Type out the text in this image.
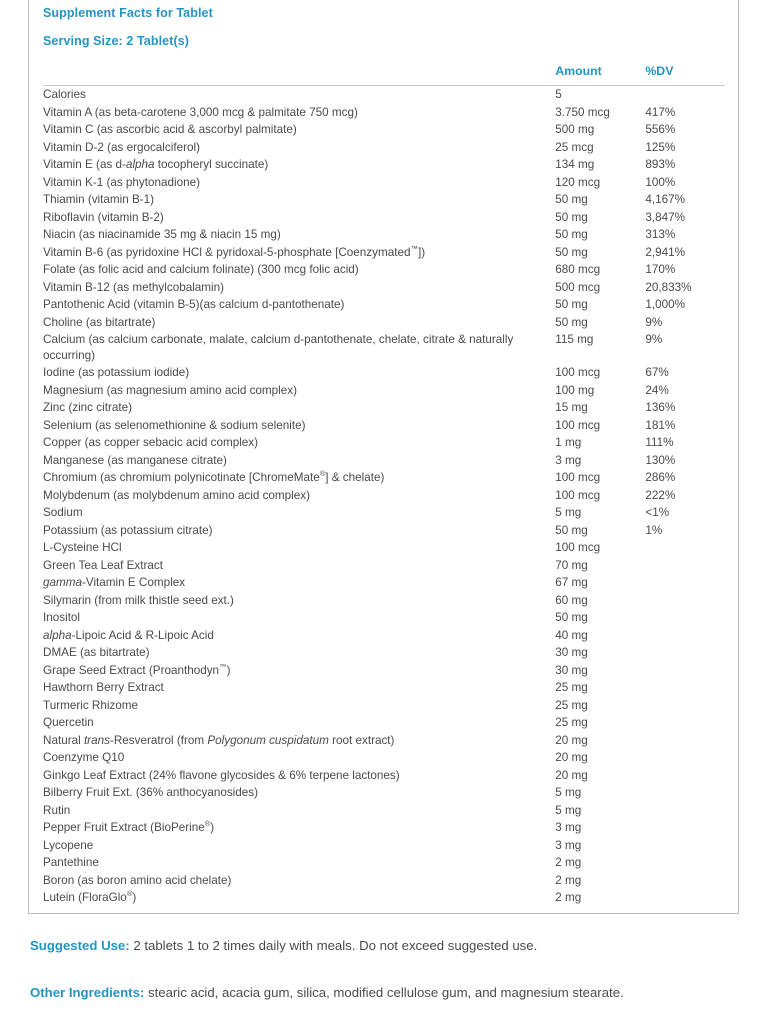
Supplement Facts for Tablet
Serving Size: 2 Tablet(s)
	Amount	%DV
Calories	5	
Vitamin A (as beta-carotene 3,000 mcg & palmitate 750 mcg)	3.750 mcg	417%
Vitamin C (as ascorbic acid & ascorbyl palmitate)	500 mg	556%
Vitamin D-2 (as ergocalciferol)	25 mcg	125%
Vitamin E (as d-alpha tocopheryl succinate)	134 mg	893%
Vitamin K-1 (as phytonadione)	120 mcg	100%
Thiamin (vitamin B-1)	50 mg	4,167%
Riboflavin (vitamin B-2)	50 mg	3,847%
Niacin (as niacinamide 35 mg & niacin 15 mg)	50 mg	313%
Vitamin B-6 (as pyridoxine HCl & pyridoxal-5-phosphate [Coenzymated™])	50 mg	2,941%
Folate (as folic acid and calcium folinate) (300 mcg folic acid)	680 mcg	170%
Vitamin B-12 (as methylcobalamin)	500 mcg	20,833%
Pantothenic Acid (vitamin B-5)(as calcium d-pantothenate)	50 mg	1,000%
Choline (as bitartrate)	50 mg	9%
Calcium (as calcium carbonate, malate, calcium d-pantothenate, chelate, citrate & naturally occurring)	115 mg	9%
Iodine (as potassium iodide)	100 mcg	67%
Magnesium (as magnesium amino acid complex)	100 mg	24%
Zinc (zinc citrate)	15 mg	136%
Selenium (as selenomethionine & sodium selenite)	100 mcg	181%
Copper (as copper sebacic acid complex)	1 mg	111%
Manganese (as manganese citrate)	3 mg	130%
Chromium (as chromium polynicotinate [ChromeMate®] & chelate)	100 mcg	286%
Molybdenum (as molybdenum amino acid complex)	100 mcg	222%
Sodium	5 mg	<1%
Potassium (as potassium citrate)	50 mg	1%
L-Cysteine HCl	100 mcg	
Green Tea Leaf Extract	70 mg	
gamma-Vitamin E Complex	67 mg	
Silymarin (from milk thistle seed ext.)	60 mg	
Inositol	50 mg	
alpha-Lipoic Acid & R-Lipoic Acid	40 mg	
DMAE (as bitartrate)	30 mg	
Grape Seed Extract (Proanthodyn™)	30 mg	
Hawthorn Berry Extract	25 mg	
Turmeric Rhizome	25 mg	
Quercetin	25 mg	
Natural trans-Resveratrol (from Polygonum cuspidatum root extract)	20 mg	
Coenzyme Q10	20 mg	
Ginkgo Leaf Extract (24% flavone glycosides & 6% terpene lactones)	20 mg	
Bilberry Fruit Ext. (36% anthocyanosides)	5 mg	
Rutin	5 mg	
Pepper Fruit Extract (BioPerine®)	3 mg	
Lycopene	3 mg	
Pantethine	2 mg	
Boron (as boron amino acid chelate)	2 mg	
Lutein (FloraGlo®)	2 mg	
Suggested Use: 2 tablets 1 to 2 times daily with meals. Do not exceed suggested use.
Other Ingredients: stearic acid, acacia gum, silica, modified cellulose gum, and magnesium stearate.
